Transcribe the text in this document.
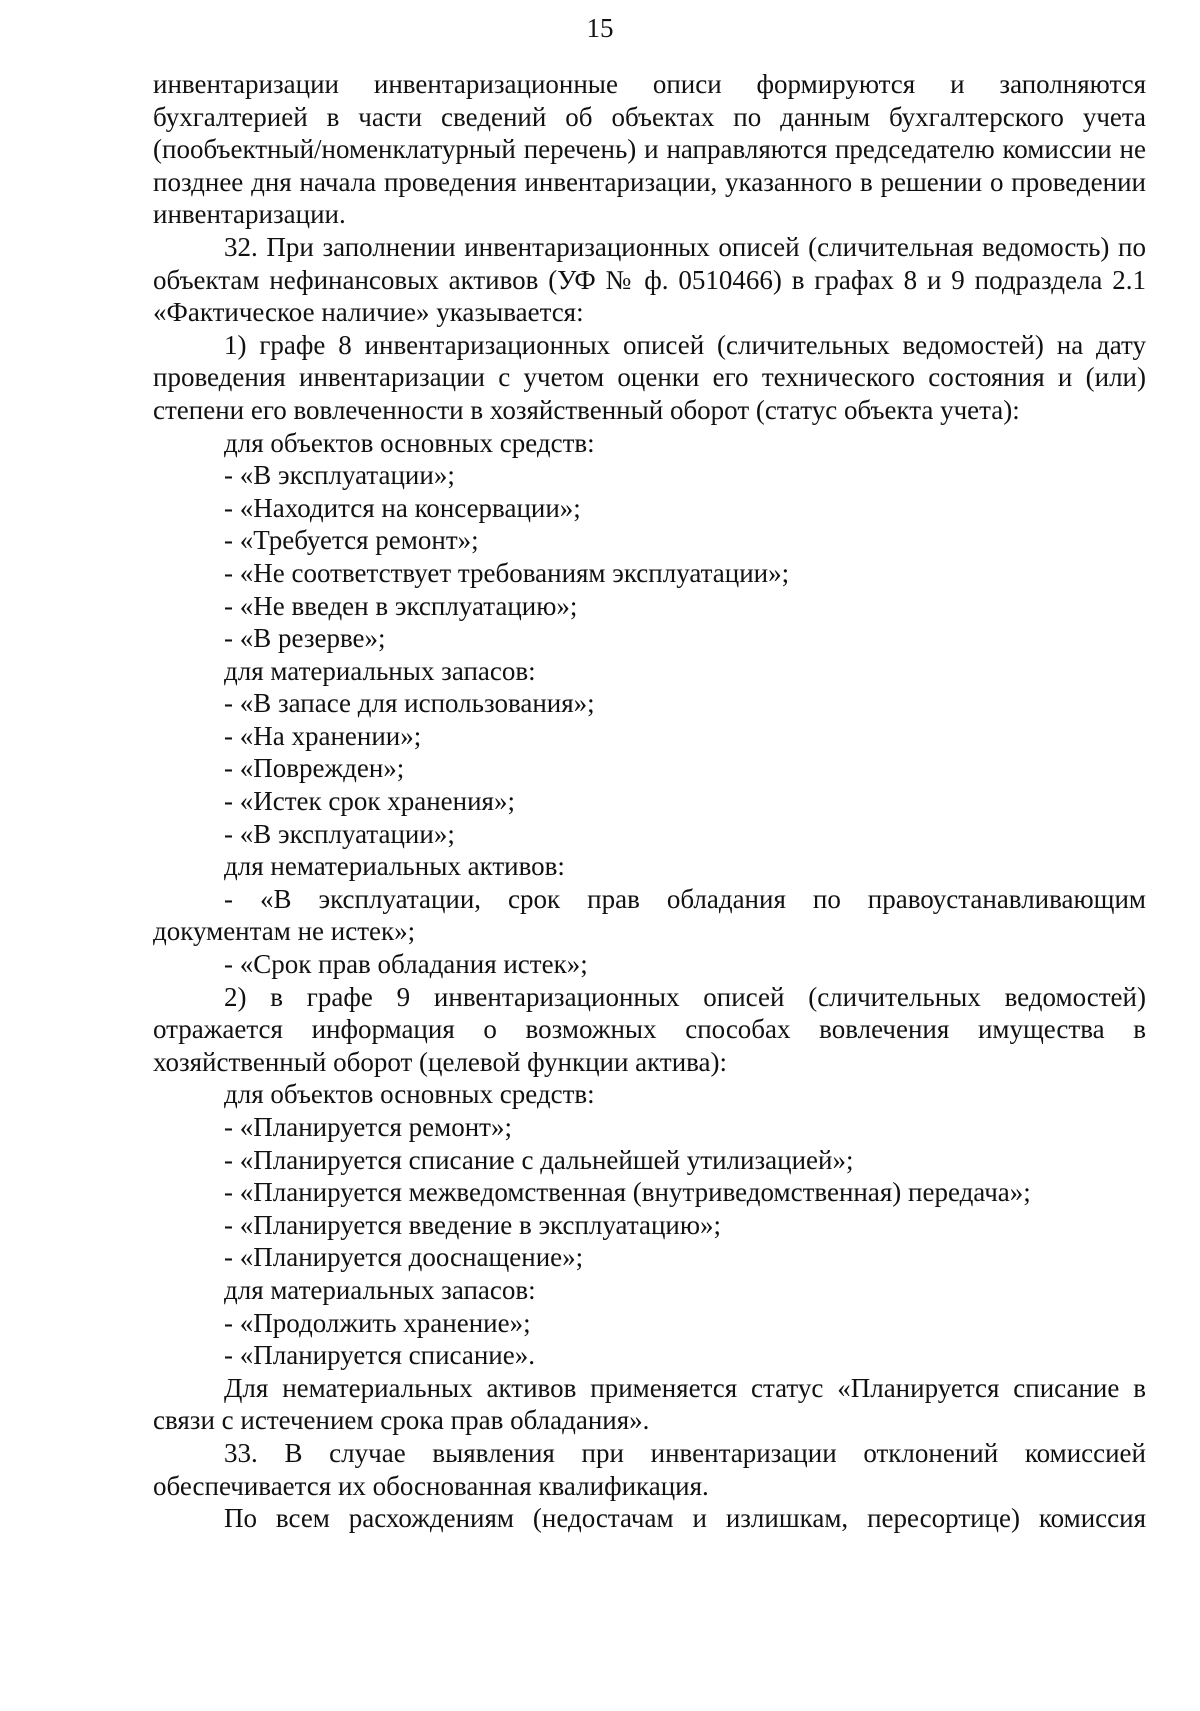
15

инвентаризации инвентаризационные описи формируются и заполняются бухгалтерией в части сведений об объектах по данным бухгалтерского учета (пообъектный/номенклатурный перечень) и направляются председателю комиссии не позднее дня начала проведения инвентаризации, указанного в решении о проведении инвентаризации.

32. При заполнении инвентаризационных описей (сличительная ведомость) по объектам нефинансовых активов (УФ № ф. 0510466) в графах 8 и 9 подраздела 2.1 «Фактическое наличие» указывается:

1) графе 8 инвентаризационных описей (сличительных ведомостей) на дату проведения инвентаризации с учетом оценки его технического состояния и (или) степени его вовлеченности в хозяйственный оборот (статус объекта учета):

для объектов основных средств:

- «В эксплуатации»;

- «Находится на консервации»;

- «Требуется ремонт»;

- «Не соответствует требованиям эксплуатации»;

- «Не введен в эксплуатацию»;

- «В резерве»;

для материальных запасов:

- «В запасе для использования»;

- «На хранении»;

- «Поврежден»;

- «Истек срок хранения»;

- «В эксплуатации»;

для нематериальных активов:

- «В эксплуатации, срок прав обладания по правоустанавливающим документам не истек»;

- «Срок прав обладания истек»;

2) в графе 9 инвентаризационных описей (сличительных ведомостей) отражается информация о возможных способах вовлечения имущества в хозяйственный оборот (целевой функции актива):

для объектов основных средств:

- «Планируется ремонт»;

- «Планируется списание с дальнейшей утилизацией»;

- «Планируется межведомственная (внутриведомственная) передача»;

- «Планируется введение в эксплуатацию»;

- «Планируется дооснащение»;

для материальных запасов:

- «Продолжить хранение»;

- «Планируется списание».

Для нематериальных активов применяется статус «Планируется списание в связи с истечением срока прав обладания».

33. В случае выявления при инвентаризации отклонений комиссией обеспечивается их обоснованная квалификация.

По всем расхождениям (недостачам и излишкам, пересортице) комиссия
